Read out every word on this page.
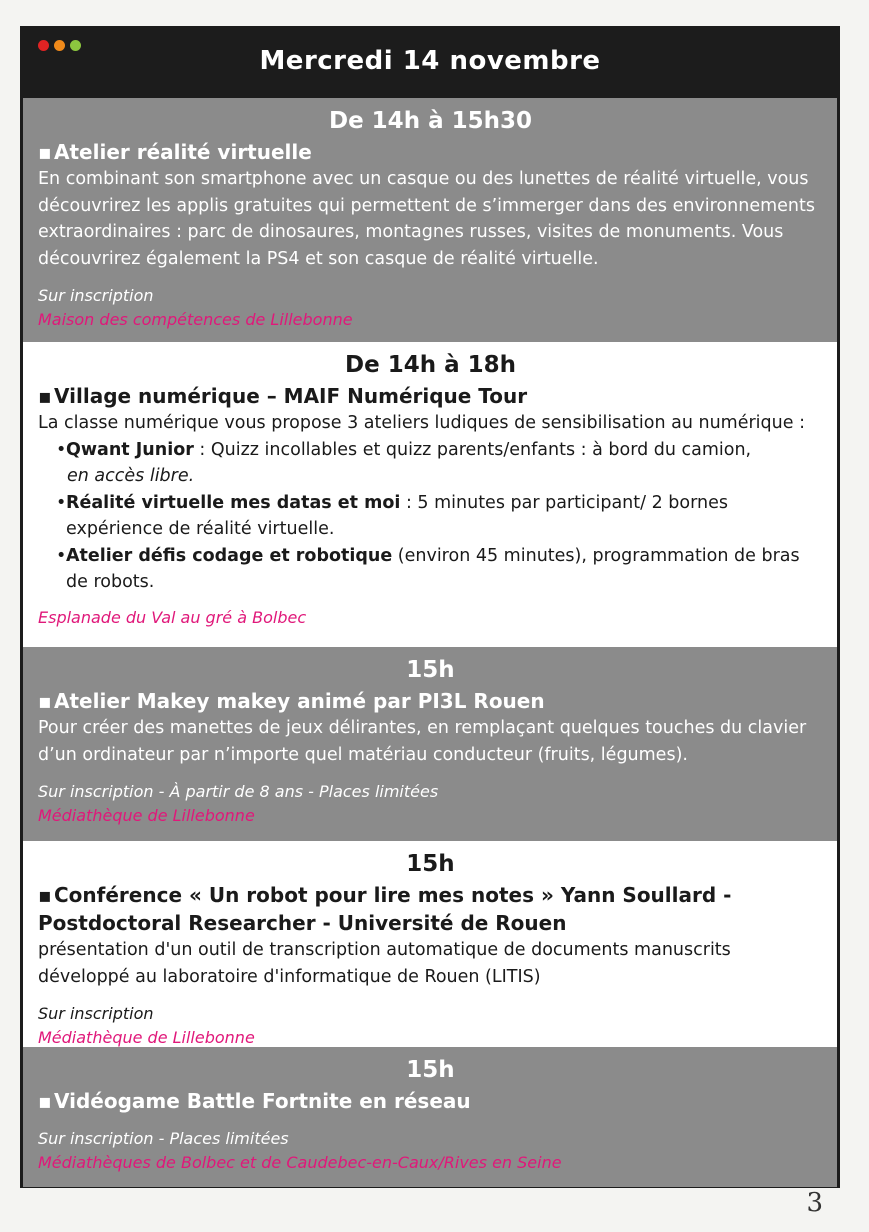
Mercredi 14 novembre
De 14h à 15h30
▪ Atelier réalité virtuelle
En combinant son smartphone avec un casque ou des lunettes de réalité virtuelle, vous découvrirez les applis gratuites qui permettent de s’immerger dans des environnements extraordinaires : parc de dinosaures, montagnes russes, visites de monuments. Vous découvrirez également la PS4 et son casque de réalité virtuelle.
Sur inscription
Maison des compétences de Lillebonne
De 14h à 18h
▪ Village numérique – MAIF Numérique Tour
La classe numérique vous propose 3 ateliers ludiques de sensibilisation au numérique :
• Qwant Junior : Quizz incollables et quizz parents/enfants : à bord du camion,
en accès libre.
• Réalité virtuelle mes datas et moi : 5 minutes par participant/ 2 bornes expérience de réalité virtuelle.
• Atelier défis codage et robotique (environ 45 minutes), programmation de bras de robots.
Esplanade du Val au gré à Bolbec
15h
▪ Atelier Makey makey animé par PI3L Rouen
Pour créer des manettes de jeux délirantes, en remplaçant quelques touches du clavier d’un ordinateur par n’importe quel matériau conducteur (fruits, légumes).
Sur inscription - À partir de 8 ans - Places limitées
Médiathèque de Lillebonne
15h
▪ Conférence « Un robot pour lire mes notes » Yann Soullard - Postdoctoral Researcher - Université de Rouen
présentation d'un outil de transcription automatique de documents manuscrits développé au laboratoire d'informatique de Rouen (LITIS)
Sur inscription
Médiathèque de Lillebonne
15h
▪ Vidéogame Battle Fortnite en réseau
Sur inscription - Places limitées
Médiathèques de Bolbec et de Caudebec-en-Caux/Rives en Seine
3
